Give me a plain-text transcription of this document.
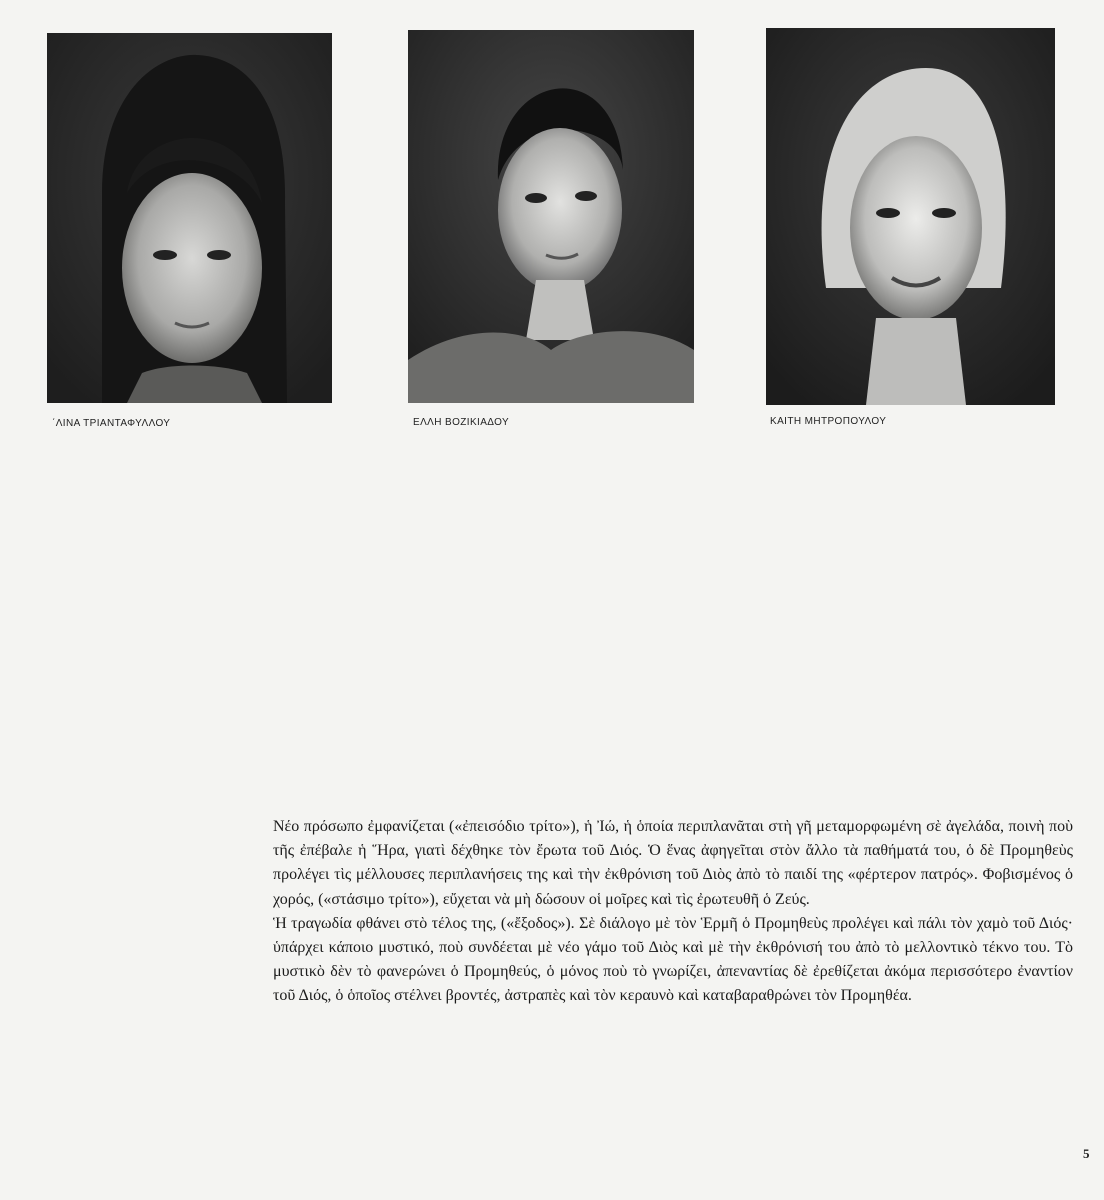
΄ΛΙΝΑ ΤΡΙΑΝΤΑΦΥΛΛΟΥ	ΕΛΛΗ ΒΟΖΙΚΙΑΔΟΥ	ΚΑΙΤΗ ΜΗΤΡΟΠΟΥΛΟΥ

Νέο πρόσωπο ἐμφανίζεται («ἐπεισόδιο τρίτο»), ἡ Ἰώ, ἡ ὁποία περιπλανᾶται στὴ γῆ μεταμορφωμένη σὲ ἀγελάδα, ποινὴ ποὺ τῆς ἐπέβαλε ἡ Ἥρα, γιατὶ δέχθηκε τὸν ἔρωτα τοῦ Διός. Ὁ ἕνας ἀφηγεῖται στὸν ἄλλο τὰ παθήματά του, ὁ δὲ Προμηθεὺς προλέγει τὶς μέλλουσες περιπλανήσεις της καὶ τὴν ἐκθρόνιση τοῦ Διὸς ἀπὸ τὸ παιδί της «φέρτερον πατρός». Φοβισμένος ὁ χορός, («στάσιμο τρίτο»), εὔχεται νὰ μὴ δώσουν οἱ μοῖρες καὶ τὶς ἐρωτευθῆ ὁ Ζεύς.

Ἡ τραγωδία φθάνει στὸ τέλος της, («ἔξοδος»). Σὲ διάλογο μὲ τὸν Ἑρμῆ ὁ Προμηθεὺς προλέγει καὶ πάλι τὸν χαμὸ τοῦ Διός· ὑπάρχει κάποιο μυστικό, ποὺ συνδέεται μὲ νέο γάμο τοῦ Διὸς καὶ μὲ τὴν ἐκθρόνισή του ἀπὸ τὸ μελλοντικὸ τέκνο του. Τὸ μυστικὸ δὲν τὸ φανερώνει ὁ Προμηθεύς, ὁ μόνος ποὺ τὸ γνωρίζει, ἀπεναντίας δὲ ἐρεθίζεται ἀκόμα περισσότερο ἐναντίον τοῦ Διός, ὁ ὁποῖος στέλνει βροντές, ἀστραπὲς καὶ τὸν κεραυνὸ καὶ καταβαραθρώνει τὸν Προμηθέα.

5
